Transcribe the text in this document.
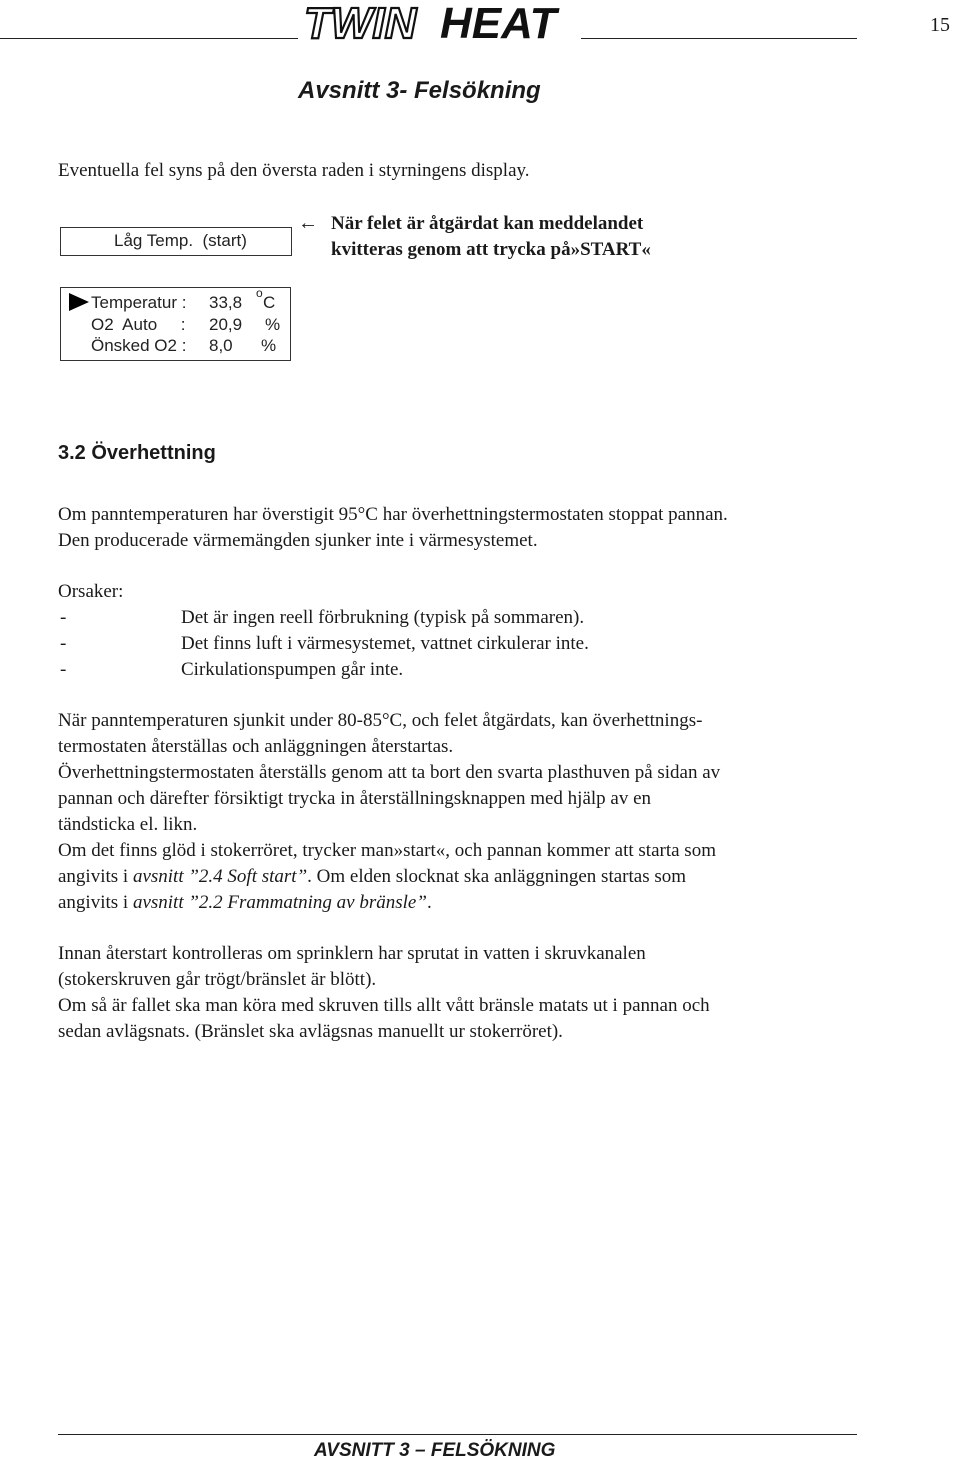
TWIN HEAT	15
Avsnitt 3- Felsökning
Eventuella fel syns på den översta raden i styrningens display.
Låg Temp.  (start)
← När felet är åtgärdat kan meddelandet
kvitteras genom att trycka på»START«
Temperatur : 33,8 o C
O2  Auto     : 20,9 %
Önsked O2 : 8,0 %
3.2 Överhettning
Om panntemperaturen har överstigit 95°C har överhettningstermostaten stoppat pannan.
Den producerade värmemängden sjunker inte i värmesystemet.
Orsaker:
-	Det är ingen reell förbrukning (typisk på sommaren).
-	Det finns luft i värmesystemet, vattnet cirkulerar inte.
-	Cirkulationspumpen går inte.
När panntemperaturen sjunkit under 80-85°C, och felet åtgärdats, kan överhettnings-
termostaten återställas och anläggningen återstartas.
Överhettningstermostaten återställs genom att ta bort den svarta plasthuven på sidan av
pannan och därefter försiktigt trycka in återställningsknappen med hjälp av en
tändsticka el. likn.
Om det finns glöd i stokerröret, trycker man»start«, och pannan kommer att starta som
angivits i avsnitt ”2.4 Soft start”. Om elden slocknat ska anläggningen startas som
angivits i avsnitt ”2.2 Frammatning av bränsle”.
Innan återstart kontrolleras om sprinklern har sprutat in vatten i skruvkanalen
(stokerskruven går trögt/bränslet är blött).
Om så är fallet ska man köra med skruven tills allt vått bränsle matats ut i pannan och
sedan avlägsnats. (Bränslet ska avlägsnas manuellt ur stokerröret).
AVSNITT 3 – FELSÖKNING
